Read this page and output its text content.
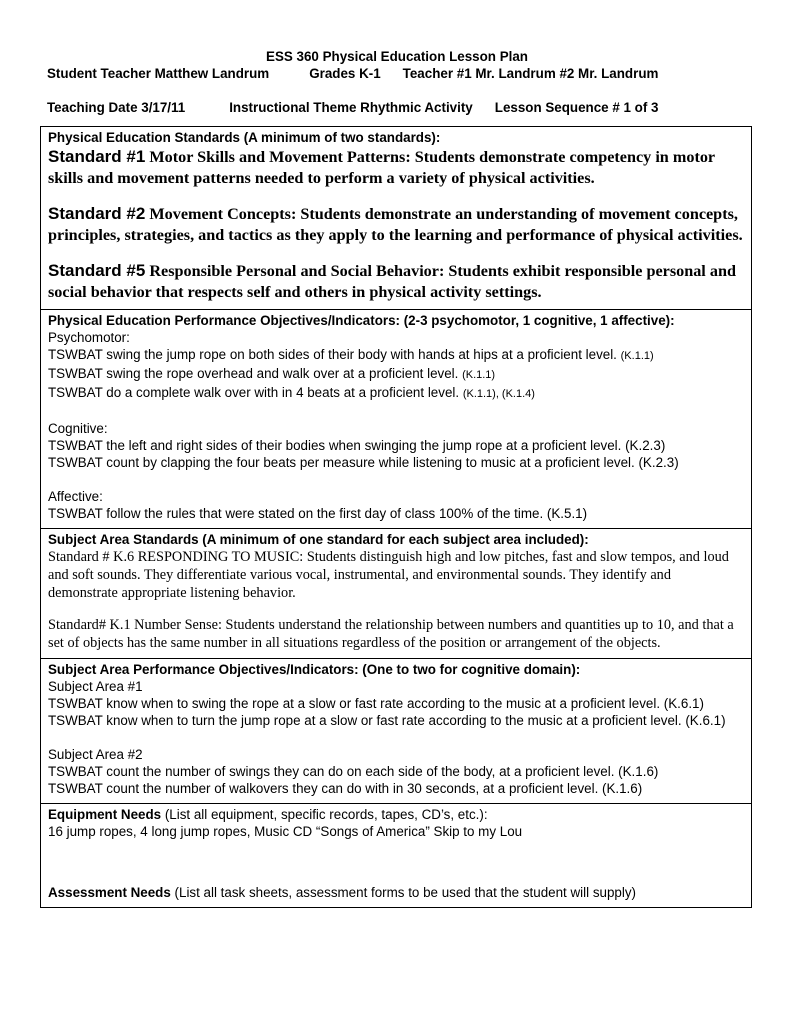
ESS 360 Physical Education Lesson Plan
Student Teacher Matthew Landrum	Grades K-1 Teacher #1 Mr. Landrum #2 Mr. Landrum
Teaching Date 3/17/11	Instructional Theme Rhythmic Activity Lesson Sequence # 1 of 3
Physical Education Standards (A minimum of two standards):

Standard #1 Motor Skills and Movement Patterns: Students demonstrate competency in motor skills and movement patterns needed to perform a variety of physical activities.

Standard #2 Movement Concepts: Students demonstrate an understanding of movement concepts, principles, strategies, and tactics as they apply to the learning and performance of physical activities.

Standard #5 Responsible Personal and Social Behavior: Students exhibit responsible personal and social behavior that respects self and others in physical activity settings.

Physical Education Performance Objectives/Indicators: (2-3 psychomotor, 1 cognitive, 1 affective):
Psychomotor:
TSWBAT swing the jump rope on both sides of their body with hands at hips at a proficient level. (K.1.1)
TSWBAT swing the rope overhead and walk over at a proficient level. (K.1.1)
TSWBAT do a complete walk over with in 4 beats at a proficient level. (K.1.1), (K.1.4)
Cognitive:
TSWBAT the left and right sides of their bodies when swinging the jump rope at a proficient level. (K.2.3)
TSWBAT count by clapping the four beats per measure while listening to music at a proficient level. (K.2.3)
Affective:
TSWBAT follow the rules that were stated on the first day of class 100% of the time. (K.5.1)
Subject Area Standards (A minimum of one standard for each subject area included):
Standard # K.6 RESPONDING TO MUSIC: Students distinguish high and low pitches, fast and slow tempos, and loud and soft sounds. They differentiate various vocal, instrumental, and environmental sounds. They identify and demonstrate appropriate listening behavior.
Standard# K.1 Number Sense: Students understand the relationship between numbers and quantities up to 10, and that a set of objects has the same number in all situations regardless of the position or arrangement of the objects.
Subject Area Performance Objectives/Indicators: (One to two for cognitive domain):
Subject Area #1
TSWBAT know when to swing the rope at a slow or fast rate according to the music at a proficient level. (K.6.1)
TSWBAT know when to turn the jump rope at a slow or fast rate according to the music at a proficient level. (K.6.1)
Subject Area #2
TSWBAT count the number of swings they can do on each side of the body, at a proficient level. (K.1.6)
TSWBAT count the number of walkovers they can do with in 30 seconds, at a proficient level. (K.1.6)
Equipment Needs (List all equipment, specific records, tapes, CD’s, etc.):
16 jump ropes, 4 long jump ropes, Music CD “Songs of America” Skip to my Lou
Assessment Needs (List all task sheets, assessment forms to be used that the student will supply)
